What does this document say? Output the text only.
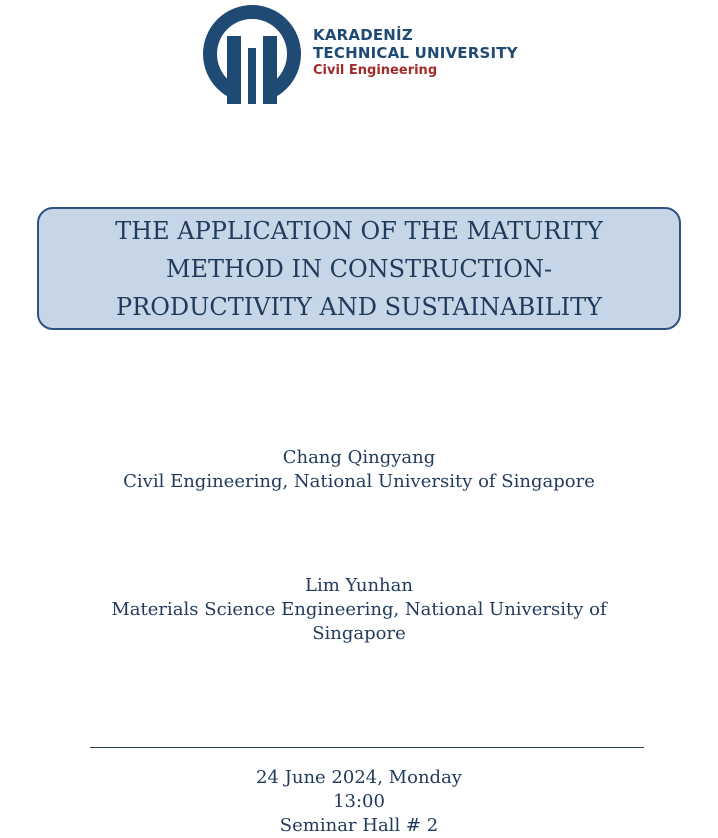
KARADENİZ
TECHNICAL UNIVERSITY
Civil Engineering
THE APPLICATION OF THE MATURITY METHOD IN CONSTRUCTION-PRODUCTIVITY AND SUSTAINABILITY
Chang Qingyang
Civil Engineering, National University of Singapore
Lim Yunhan
Materials Science Engineering, National University of Singapore
24 June 2024, Monday
13:00
Seminar Hall # 2
